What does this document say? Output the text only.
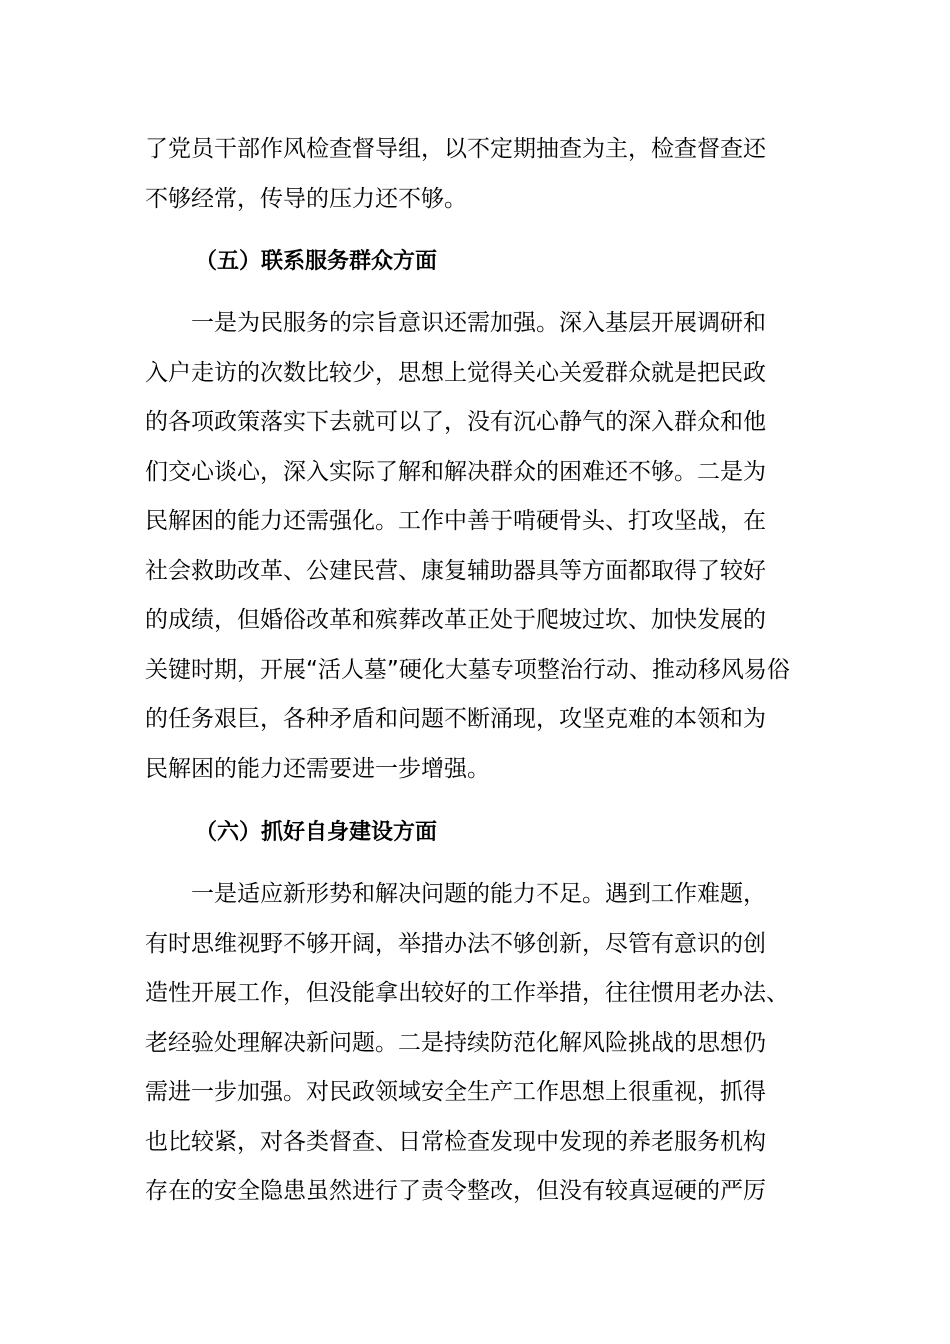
了党员干部作风检查督导组，以不定期抽查为主，检查督查还
不够经常，传导的压力还不够。
（五）联系服务群众方面
一是为民服务的宗旨意识还需加强。深入基层开展调研和
入户走访的次数比较少，思想上觉得关心关爱群众就是把民政
的各项政策落实下去就可以了，没有沉心静气的深入群众和他
们交心谈心，深入实际了解和解决群众的困难还不够。二是为
民解困的能力还需强化。工作中善于啃硬骨头、打攻坚战，在
社会救助改革、公建民营、康复辅助器具等方面都取得了较好
的成绩，但婚俗改革和殡葬改革正处于爬坡过坎、加快发展的
关键时期，开展“活人墓”硬化大墓专项整治行动、推动移风易俗
的任务艰巨，各种矛盾和问题不断涌现，攻坚克难的本领和为
民解困的能力还需要进一步增强。
（六）抓好自身建设方面
一是适应新形势和解决问题的能力不足。遇到工作难题，
有时思维视野不够开阔，举措办法不够创新，尽管有意识的创
造性开展工作，但没能拿出较好的工作举措，往往惯用老办法、
老经验处理解决新问题。二是持续防范化解风险挑战的思想仍
需进一步加强。对民政领域安全生产工作思想上很重视，抓得
也比较紧，对各类督查、日常检查发现中发现的养老服务机构
存在的安全隐患虽然进行了责令整改，但没有较真逗硬的严厉
